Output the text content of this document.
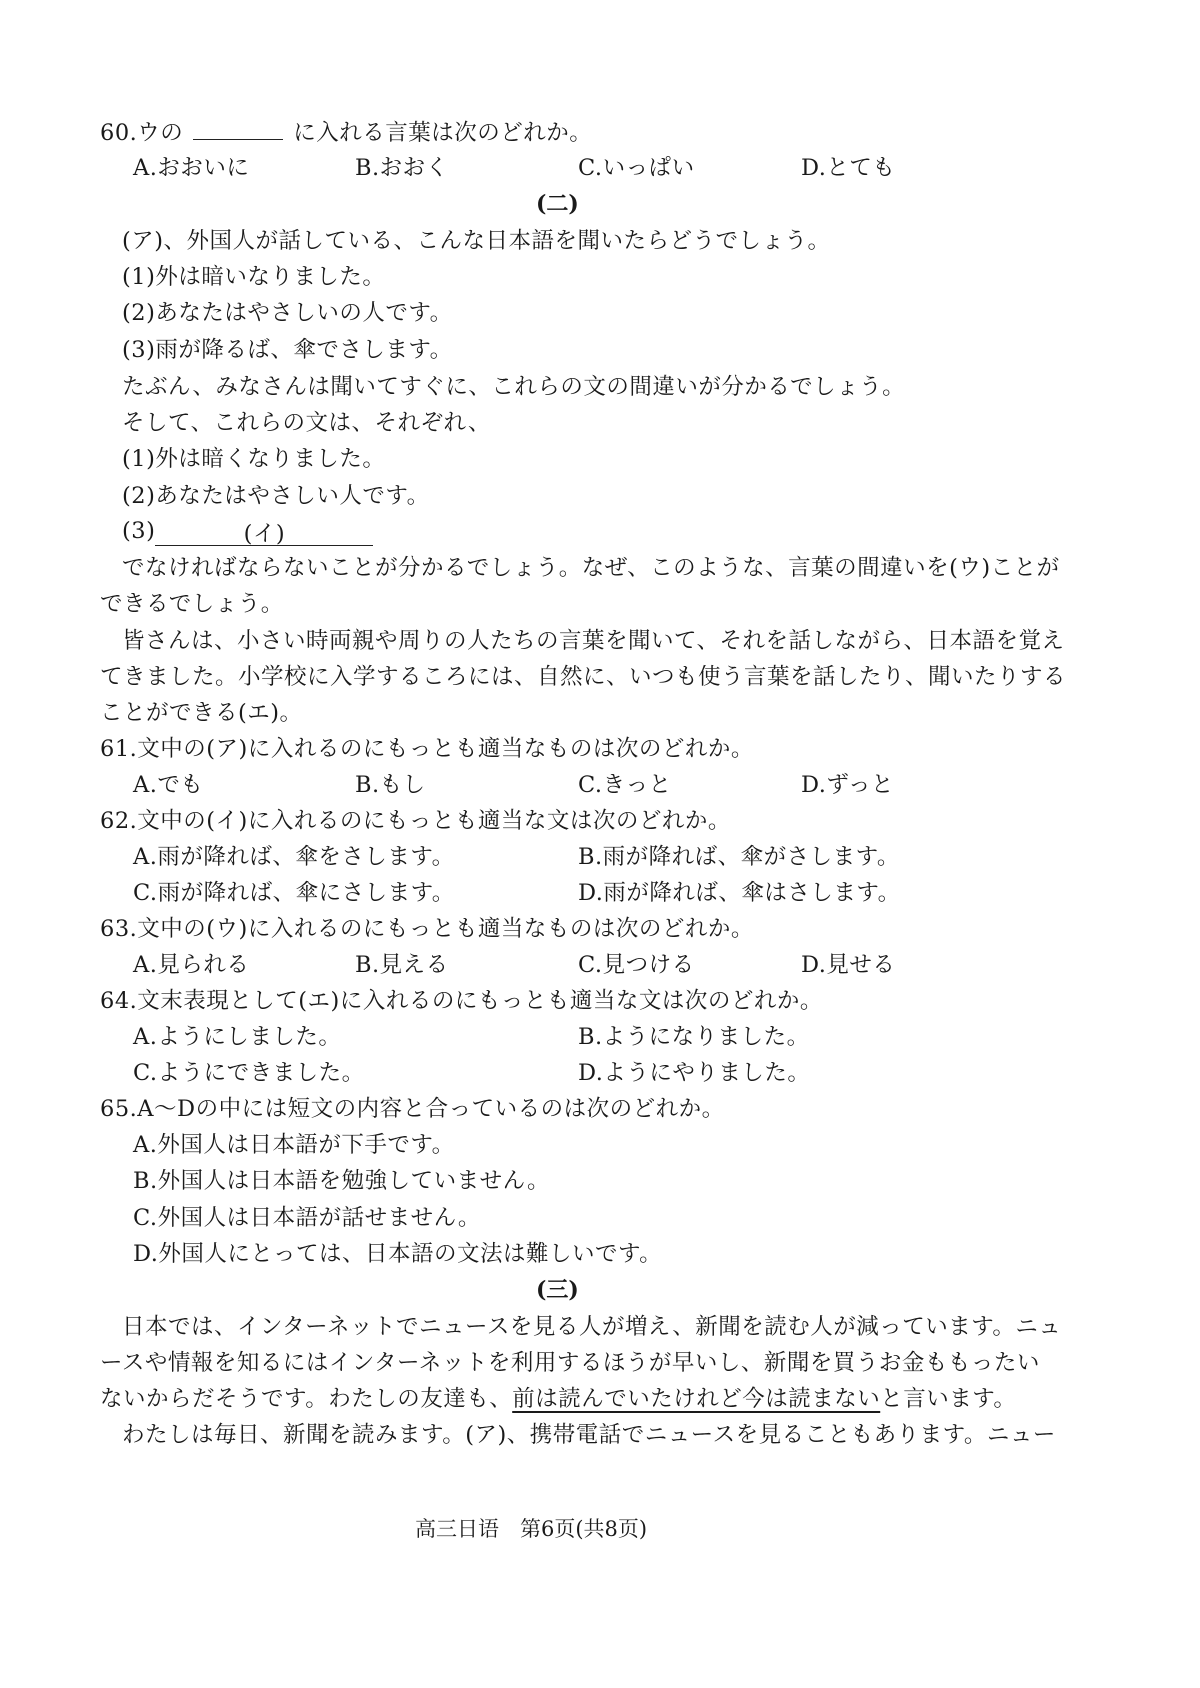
60.ウの	に入れる言葉は次のどれか。
A.おおいに	B.おおく	C.いっぱい	D.とても
(二)
(ア)、外国人が話している、こんな日本語を聞いたらどうでしょう。
(1)外は暗いなりました。
(2)あなたはやさしいの人です。
(3)雨が降るば、傘でさします。
たぶん、みなさんは聞いてすぐに、これらの文の間違いが分かるでしょう。
そして、これらの文は、それぞれ、
(1)外は暗くなりました。
(2)あなたはやさしい人です。
(3)	(イ)
でなければならないことが分かるでしょう。なぜ、このような、言葉の間違いを(ウ)ことが
できるでしょう。
皆さんは、小さい時両親や周りの人たちの言葉を聞いて、それを話しながら、日本語を覚え
てきました。小学校に入学するころには、自然に、いつも使う言葉を話したり、聞いたりする
ことができる(エ)。
61.文中の(ア)に入れるのにもっとも適当なものは次のどれか。
A.でも	B.もし	C.きっと	D.ずっと
62.文中の(イ)に入れるのにもっとも適当な文は次のどれか。
A.雨が降れば、傘をさします。	B.雨が降れば、傘がさします。
C.雨が降れば、傘にさします。	D.雨が降れば、傘はさします。
63.文中の(ウ)に入れるのにもっとも適当なものは次のどれか。
A.見られる	B.見える	C.見つける	D.見せる
64.文末表現として(エ)に入れるのにもっとも適当な文は次のどれか。
A.ようにしました。	B.ようになりました。
C.ようにできました。	D.ようにやりました。
65.A～Dの中には短文の内容と合っているのは次のどれか。
A.外国人は日本語が下手です。
B.外国人は日本語を勉強していません。
C.外国人は日本語が話せません。
D.外国人にとっては、日本語の文法は難しいです。
(三)
日本では、インターネットでニュースを見る人が増え、新聞を読む人が減っています。ニュ
ースや情報を知るにはインターネットを利用するほうが早いし、新聞を買うお金ももったい
ないからだそうです。わたしの友達も、前は読んでいたけれど今は読まないと言います。
わたしは毎日、新聞を読みます。(ア)、携帯電話でニュースを見ることもあります。ニュー
高三日语　第6页(共8页)
